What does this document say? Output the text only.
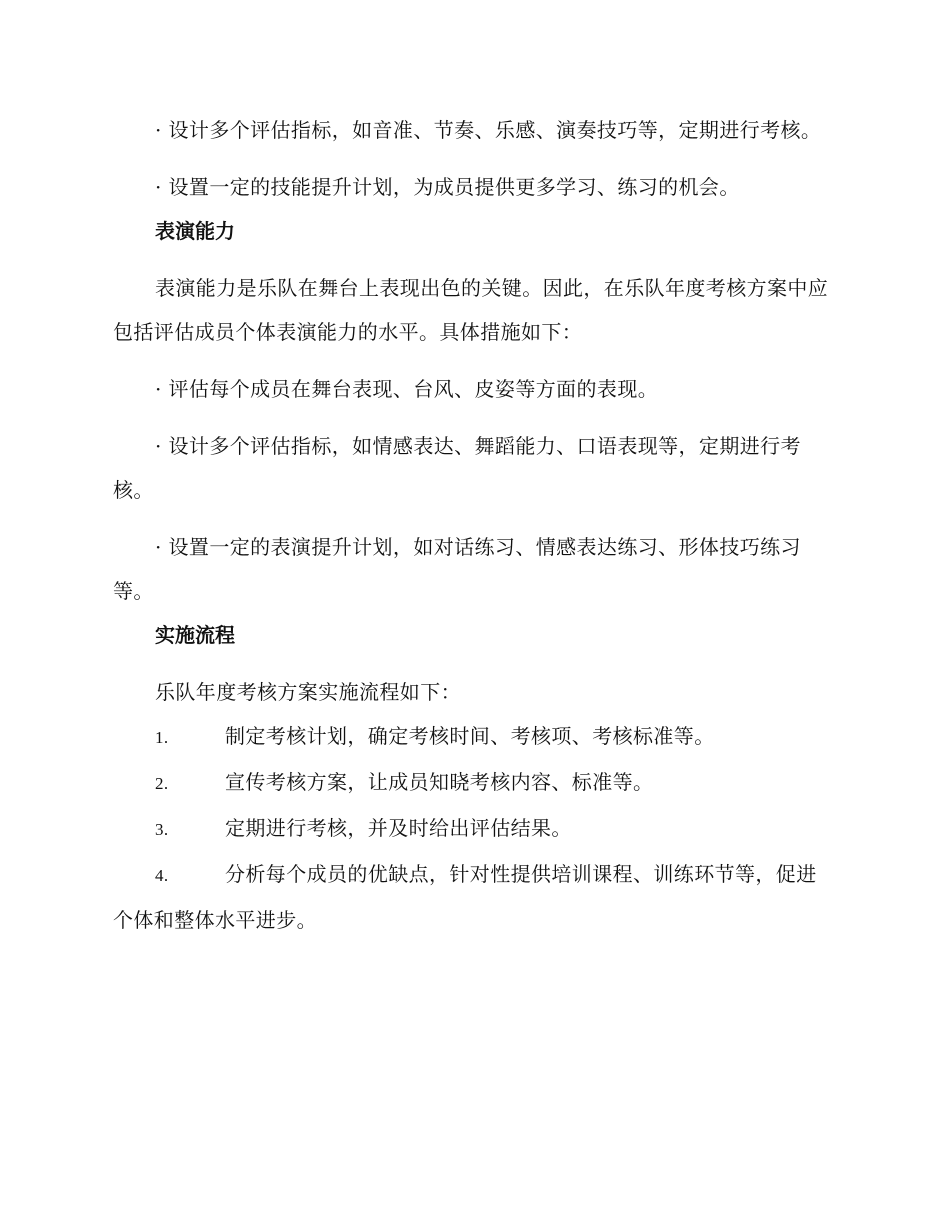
· 设计多个评估指标，如音准、节奏、乐感、演奏技巧等，定期进行考核。

· 设置一定的技能提升计划，为成员提供更多学习、练习的机会。

表演能力

表演能力是乐队在舞台上表现出色的关键。因此，在乐队年度考核方案中应包括评估成员个体表演能力的水平。具体措施如下：

· 评估每个成员在舞台表现、台风、皮姿等方面的表现。

· 设计多个评估指标，如情感表达、舞蹈能力、口语表现等，定期进行考核。

· 设置一定的表演提升计划，如对话练习、情感表达练习、形体技巧练习等。

实施流程

乐队年度考核方案实施流程如下：

1.	制定考核计划，确定考核时间、考核项、考核标准等。

2.	宣传考核方案，让成员知晓考核内容、标准等。

3.	定期进行考核，并及时给出评估结果。

4.	分析每个成员的优缺点，针对性提供培训课程、训练环节等，促进个体和整体水平进步。
